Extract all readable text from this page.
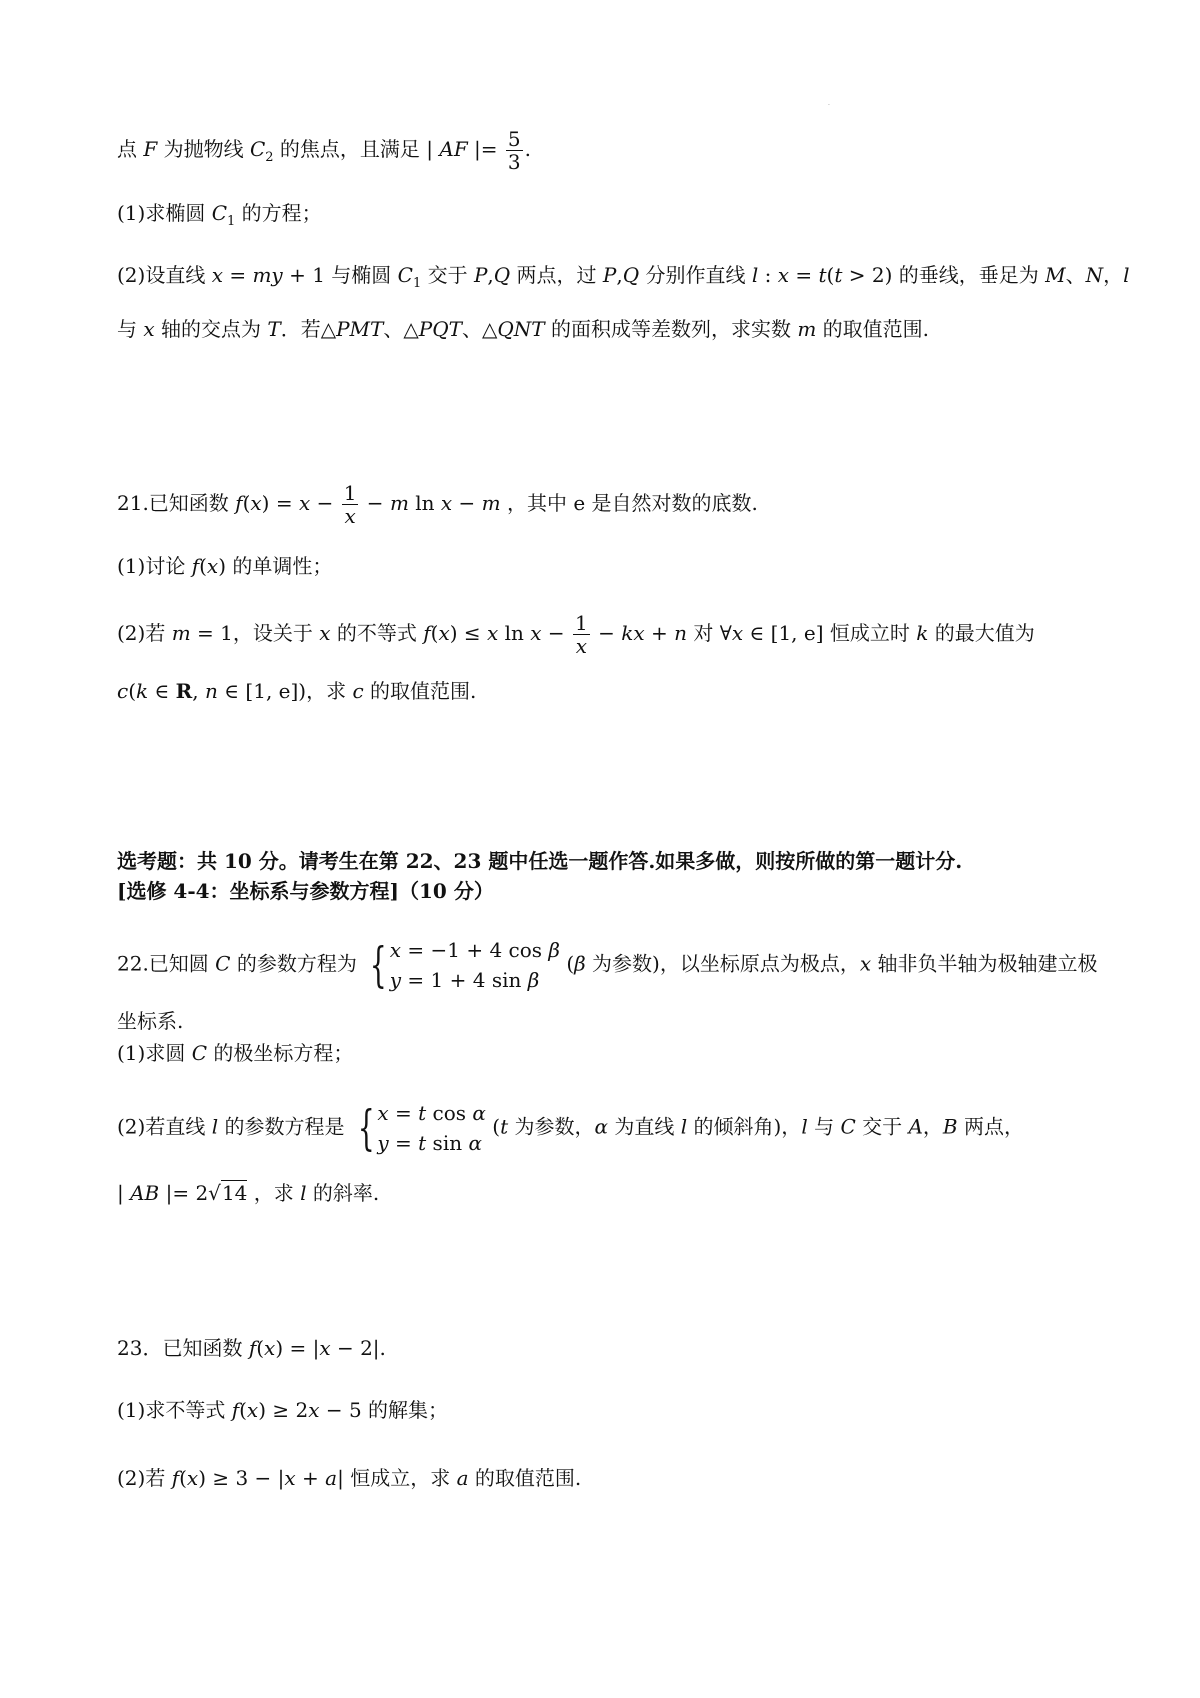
.
点 F 为抛物线 $C_2$ 的焦点，且满足 | AF |= $\frac{5}{3}$ .
(1)求椭圆 $C_1$ 的方程；
(2)设直线 x = my + 1 与椭圆 $C_1$ 交于 P,Q 两点，过 P,Q 分别作直线 l : x = t(t > 2) 的垂线，垂足为 M、N，l
与 x 轴的交点为 T．若△PMT、△PQT、△QNT 的面积成等差数列，求实数 m 的取值范围.
21.已知函数 $f(x) = x - \frac{1}{x} - m$ ln x − m ，其中 e 是自然对数的底数.
(1)讨论 f(x) 的单调性；
(2)若 m = 1，设关于 x 的不等式 f(x) ≤ x $\ln x - \frac{1}{x}$ − kx + n 对 ∀x ∈ [1, e] 恒成立时 k 的最大值为
c(k ∈ R, n ∈ [1, e])，求 c 的取值范围.
选考题：共 10 分。请考生在第 22、23 题中任选一题作答.如果多做，则按所做的第一题计分.
[选修 4-4：坐标系与参数方程]（10 分）
22.已知圆 C 的参数方程为 { x = −1 + 4 cos β
y = 1 + 4 sin β
(β 为参数)，以坐标原点为极点，x 轴非负半轴为极轴建立极
坐标系.
(1)求圆 C 的极坐标方程；
(2)若直线 l 的参数方程是 { x = t cos α
y = t sin α
(t 为参数，α 为直线 l 的倾斜角)，l 与 C 交于 A，B 两点，
| AB |= 2√14 ，求 l 的斜率.
23．已知函数 f(x) = |x − 2|.
(1)求不等式 f(x) ≥ 2x − 5 的解集；
(2)若 f(x) ≥ 3 − |x + a| 恒成立，求 a 的取值范围.
